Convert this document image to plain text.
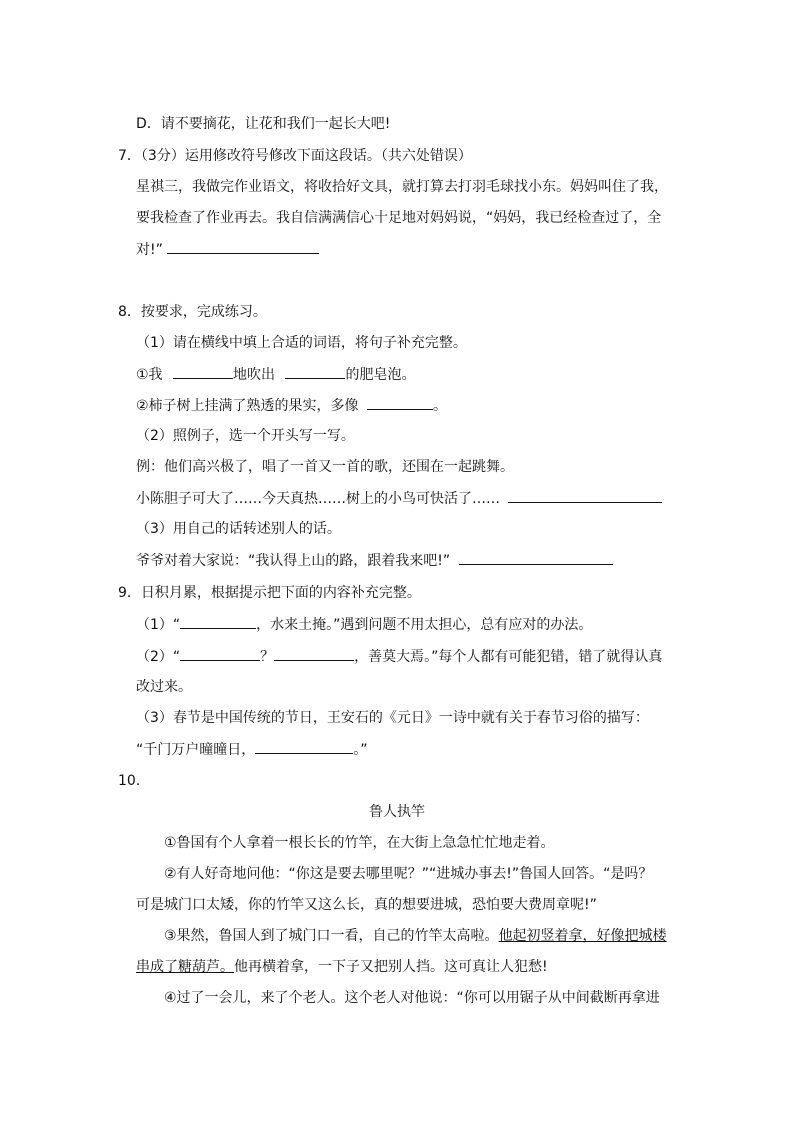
D．请不要摘花，让花和我们一起长大吧!
7．（3分）运用修改符号修改下面这段话。（共六处错误）
星祺三，我做完作业语文，将收拾好文具，就打算去打羽毛球找小东。妈妈叫住了我，
要我检查了作业再去。我自信满满信心十足地对妈妈说，“妈妈，我已经检查过了，全
对!”
8．按要求，完成练习。
（1）请在横线中填上合适的词语，将句子补充完整。
①我	地吹出	的肥皂泡。
②柿子树上挂满了熟透的果实，多像	。
（2）照例子，选一个开头写一写。
例：他们高兴极了，唱了一首又一首的歌，还围在一起跳舞。
小陈胆子可大了……今天真热……树上的小鸟可快活了……
（3）用自己的话转述别人的话。
爷爷对着大家说：“我认得上山的路，跟着我来吧!”
9．日积月累，根据提示把下面的内容补充完整。
（1）“	，水来土掩。”遇到问题不用太担心，总有应对的办法。
（2）“	？	，善莫大焉。”每个人都有可能犯错，错了就得认真
改过来。
（3）春节是中国传统的节日，王安石的《元日》一诗中就有关于春节习俗的描写：
“千门万户曈曈日，	。”
10．
鲁人执竿
①鲁国有个人拿着一根长长的竹竿，在大街上急急忙忙地走着。
②有人好奇地问他：“你这是要去哪里呢？”“进城办事去!”鲁国人回答。“是吗？
可是城门口太矮，你的竹竿又这么长，真的想要进城，恐怕要大费周章呢!”
③果然，鲁国人到了城门口一看，自己的竹竿太高啦。他起初竖着拿，好像把城楼
串成了糖葫芦。他再横着拿，一下子又把别人挡。这可真让人犯愁!
④过了一会儿，来了个老人。这个老人对他说：“你可以用锯子从中间截断再拿进
